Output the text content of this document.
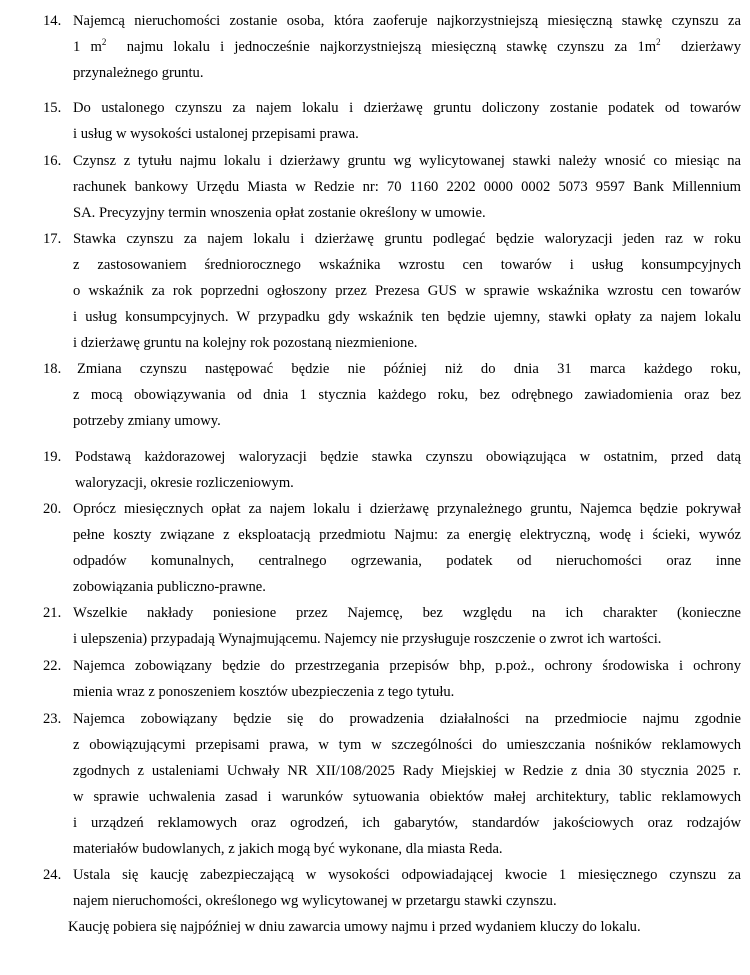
14. Najemcą nieruchomości zostanie osoba, która zaoferuje najkorzystniejszą miesięczną stawkę czynszu za
1 $m^2$  najmu lokalu i jednocześnie najkorzystniejszą miesięczną stawkę czynszu za $1m^2$  dzierżawy
przynależnego gruntu.
15. Do ustalonego czynszu za najem lokalu i dzierżawę gruntu doliczony zostanie podatek od towarów
i usług w wysokości ustalonej przepisami prawa.
16. Czynsz z tytułu najmu lokalu i dzierżawy gruntu wg wylicytowanej stawki należy wnosić co miesiąc na
rachunek bankowy Urzędu Miasta w Redzie nr: 70 1160 2202 0000 0002 5073 9597 Bank Millennium
SA. Precyzyjny termin wnoszenia opłat zostanie określony w umowie.
17. Stawka czynszu za najem lokalu i dzierżawę gruntu podlegać będzie waloryzacji jeden raz w roku
z  zastosowaniem  średniorocznego  wskaźnika  wzrostu  cen  towarów  i  usług  konsumpcyjnych
o wskaźnik za rok poprzedni ogłoszony przez Prezesa GUS w sprawie wskaźnika wzrostu cen towarów
i usług konsumpcyjnych. W przypadku gdy wskaźnik ten będzie ujemny, stawki opłaty za najem lokalu
i dzierżawę gruntu na kolejny rok pozostaną niezmienione.
18.	Zmiana czynszu następować będzie nie później niż do dnia 31 marca każdego roku,
z mocą obowiązywania od dnia 1 stycznia każdego roku, bez odrębnego zawiadomienia oraz bez
potrzeby zmiany umowy.
19. Podstawą każdorazowej waloryzacji będzie stawka czynszu obowiązująca w ostatnim, przed datą
waloryzacji, okresie rozliczeniowym.
20. Oprócz miesięcznych opłat za najem lokalu i dzierżawę przynależnego gruntu, Najemca będzie pokrywał
pełne koszty związane z eksploatacją przedmiotu Najmu: za energię elektryczną, wodę i ścieki, wywóz
odpadów komunalnych, centralnego ogrzewania, podatek od nieruchomości oraz inne
zobowiązania publiczno-prawne.
21. Wszelkie nakłady poniesione przez Najemcę, bez względu na ich charakter (konieczne
i ulepszenia) przypadają Wynajmującemu. Najemcy nie przysługuje roszczenie o zwrot ich wartości.
22. Najemca zobowiązany będzie do przestrzegania przepisów bhp, p.poż., ochrony środowiska i ochrony
mienia wraz z ponoszeniem kosztów ubezpieczenia z tego tytułu.
23. Najemca zobowiązany będzie się do prowadzenia działalności na przedmiocie najmu zgodnie
z obowiązującymi przepisami prawa, w tym w szczególności do umieszczania nośników reklamowych
zgodnych z ustaleniami Uchwały NR XII/108/2025 Rady Miejskiej w Redzie z dnia 30 stycznia 2025 r.
w sprawie uchwalenia zasad i warunków sytuowania obiektów małej architektury, tablic reklamowych
i urządzeń reklamowych oraz ogrodzeń, ich gabarytów, standardów jakościowych oraz rodzajów
materiałów budowlanych, z jakich mogą być wykonane, dla miasta Reda.
24. Ustala się kaucję zabezpieczającą w wysokości odpowiadającej kwocie 1 miesięcznego czynszu za
najem nieruchomości, określonego wg wylicytowanej w przetargu stawki czynszu.
Kaucję pobiera się najpóźniej w dniu zawarcia umowy najmu i przed wydaniem kluczy do lokalu.
